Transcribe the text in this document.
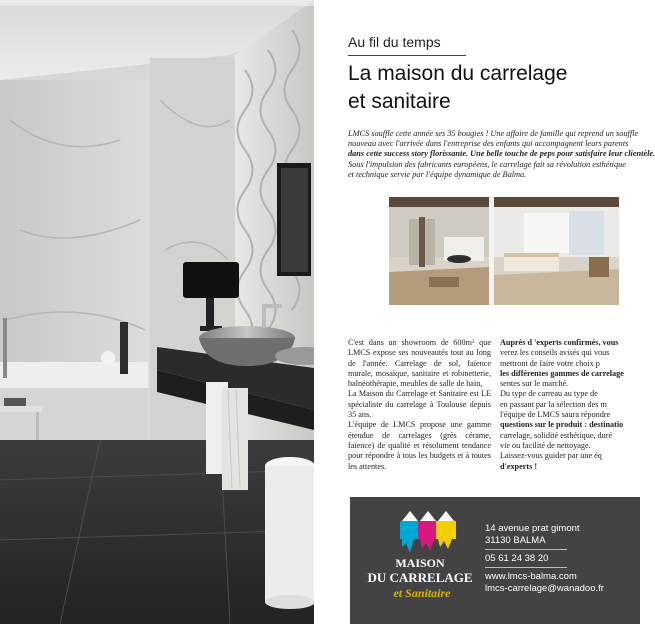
Au fil du temps
La maison du carrelage
et sanitaire
LMCS souffle cette année ses 35 bougies ! Une affaire de famille qui reprend un souffle
nouveau avec l'arrivée dans l'entreprise des enfants qui accompagnent leurs parents
dans cette success story florissante. Une belle touche de peps pour satisfaire leur clientèle.
Sous l'impulsion des fabricants européens, le carrelage fait sa révolution esthétique
et technique servie par l'équipe dynamique de Balma.

C'est dans un showroom de 600m² que LMCS expose ses nouveautés tout au long de l'année. Carrelage de sol, faïence murale, mosaïque, sanitaire et robinetterie, balnéothérapie, meubles de salle de bain,

La Maison du Carrelage et Sanitaire est LE spécialiste du carrelage à Toulouse depuis 35 ans.

L'équipe de LMCS propose une gamme étendue de carrelages (grès cérame, faïence) de qualité et résolument tendance pour répondre à tous les budgets et à toutes les attentes.

Auprès d 'experts confirmés, vous
verez les conseils avisés qui vous
mettront de faire votre choix p
les différentes gammes de carrelage
sentes sur le marché.
Du type de carreau au type de
en passant par la sélection des m
l'équipe de LMCS saura répondre
questions sur le produit : destinatio
carrelage, solidité esthétique, duré
vie ou facilité de nettoyage.
Laissez-vous guider par une éq
d'experts !
MAISON
DU CARRELAGE
et Sanitaire
14 avenue prat gimont
31130 BALMA
05 61 24 38 20
www.lmcs-balma.com
lmcs-carrelage@wanadoo.fr
